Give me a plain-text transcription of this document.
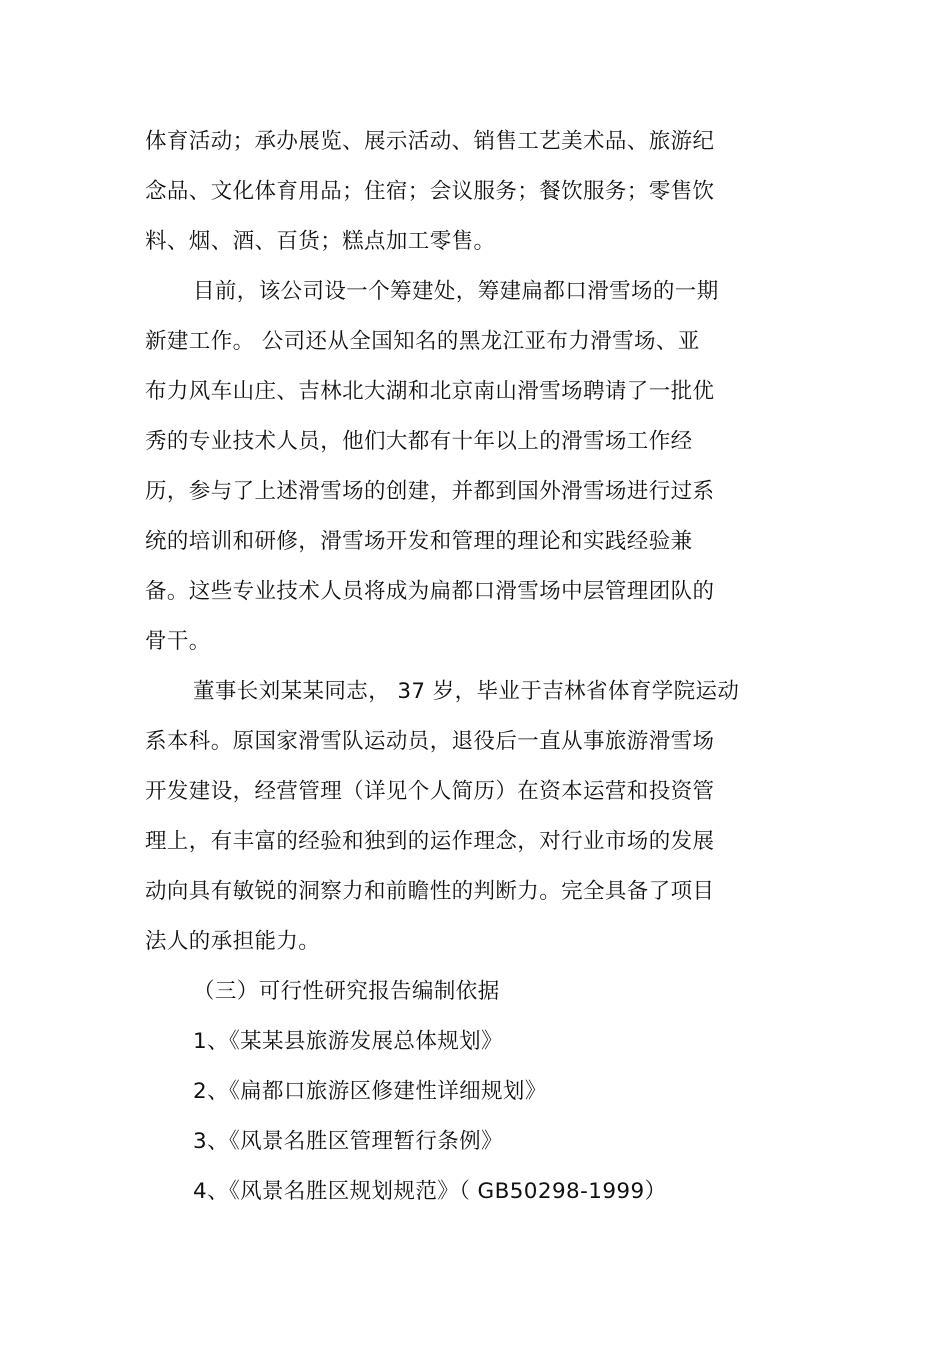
体育活动；承办展览、展示活动、销售工艺美术品、旅游纪
念品、文化体育用品；住宿；会议服务；餐饮服务；零售饮
料、烟、酒、百货；糕点加工零售。
目前，该公司设一个筹建处，筹建扁都口滑雪场的一期
新建工作。 公司还从全国知名的黑龙江亚布力滑雪场、亚
布力风车山庄、吉林北大湖和北京南山滑雪场聘请了一批优
秀的专业技术人员，他们大都有十年以上的滑雪场工作经
历，参与了上述滑雪场的创建，并都到国外滑雪场进行过系
统的培训和研修，滑雪场开发和管理的理论和实践经验兼
备。这些专业技术人员将成为扁都口滑雪场中层管理团队的
骨干。
董事长刘某某同志， 37 岁，毕业于吉林省体育学院运动
系本科。原国家滑雪队运动员，退役后一直从事旅游滑雪场
开发建设，经营管理（详见个人简历）在资本运营和投资管
理上，有丰富的经验和独到的运作理念，对行业市场的发展
动向具有敏锐的洞察力和前瞻性的判断力。完全具备了项目
法人的承担能力。
（三）可行性研究报告编制依据
1、《某某县旅游发展总体规划》
2、《扁都口旅游区修建性详细规划》
3、《风景名胜区管理暂行条例》
4、《风景名胜区规划规范》（ GB50298-1999）
